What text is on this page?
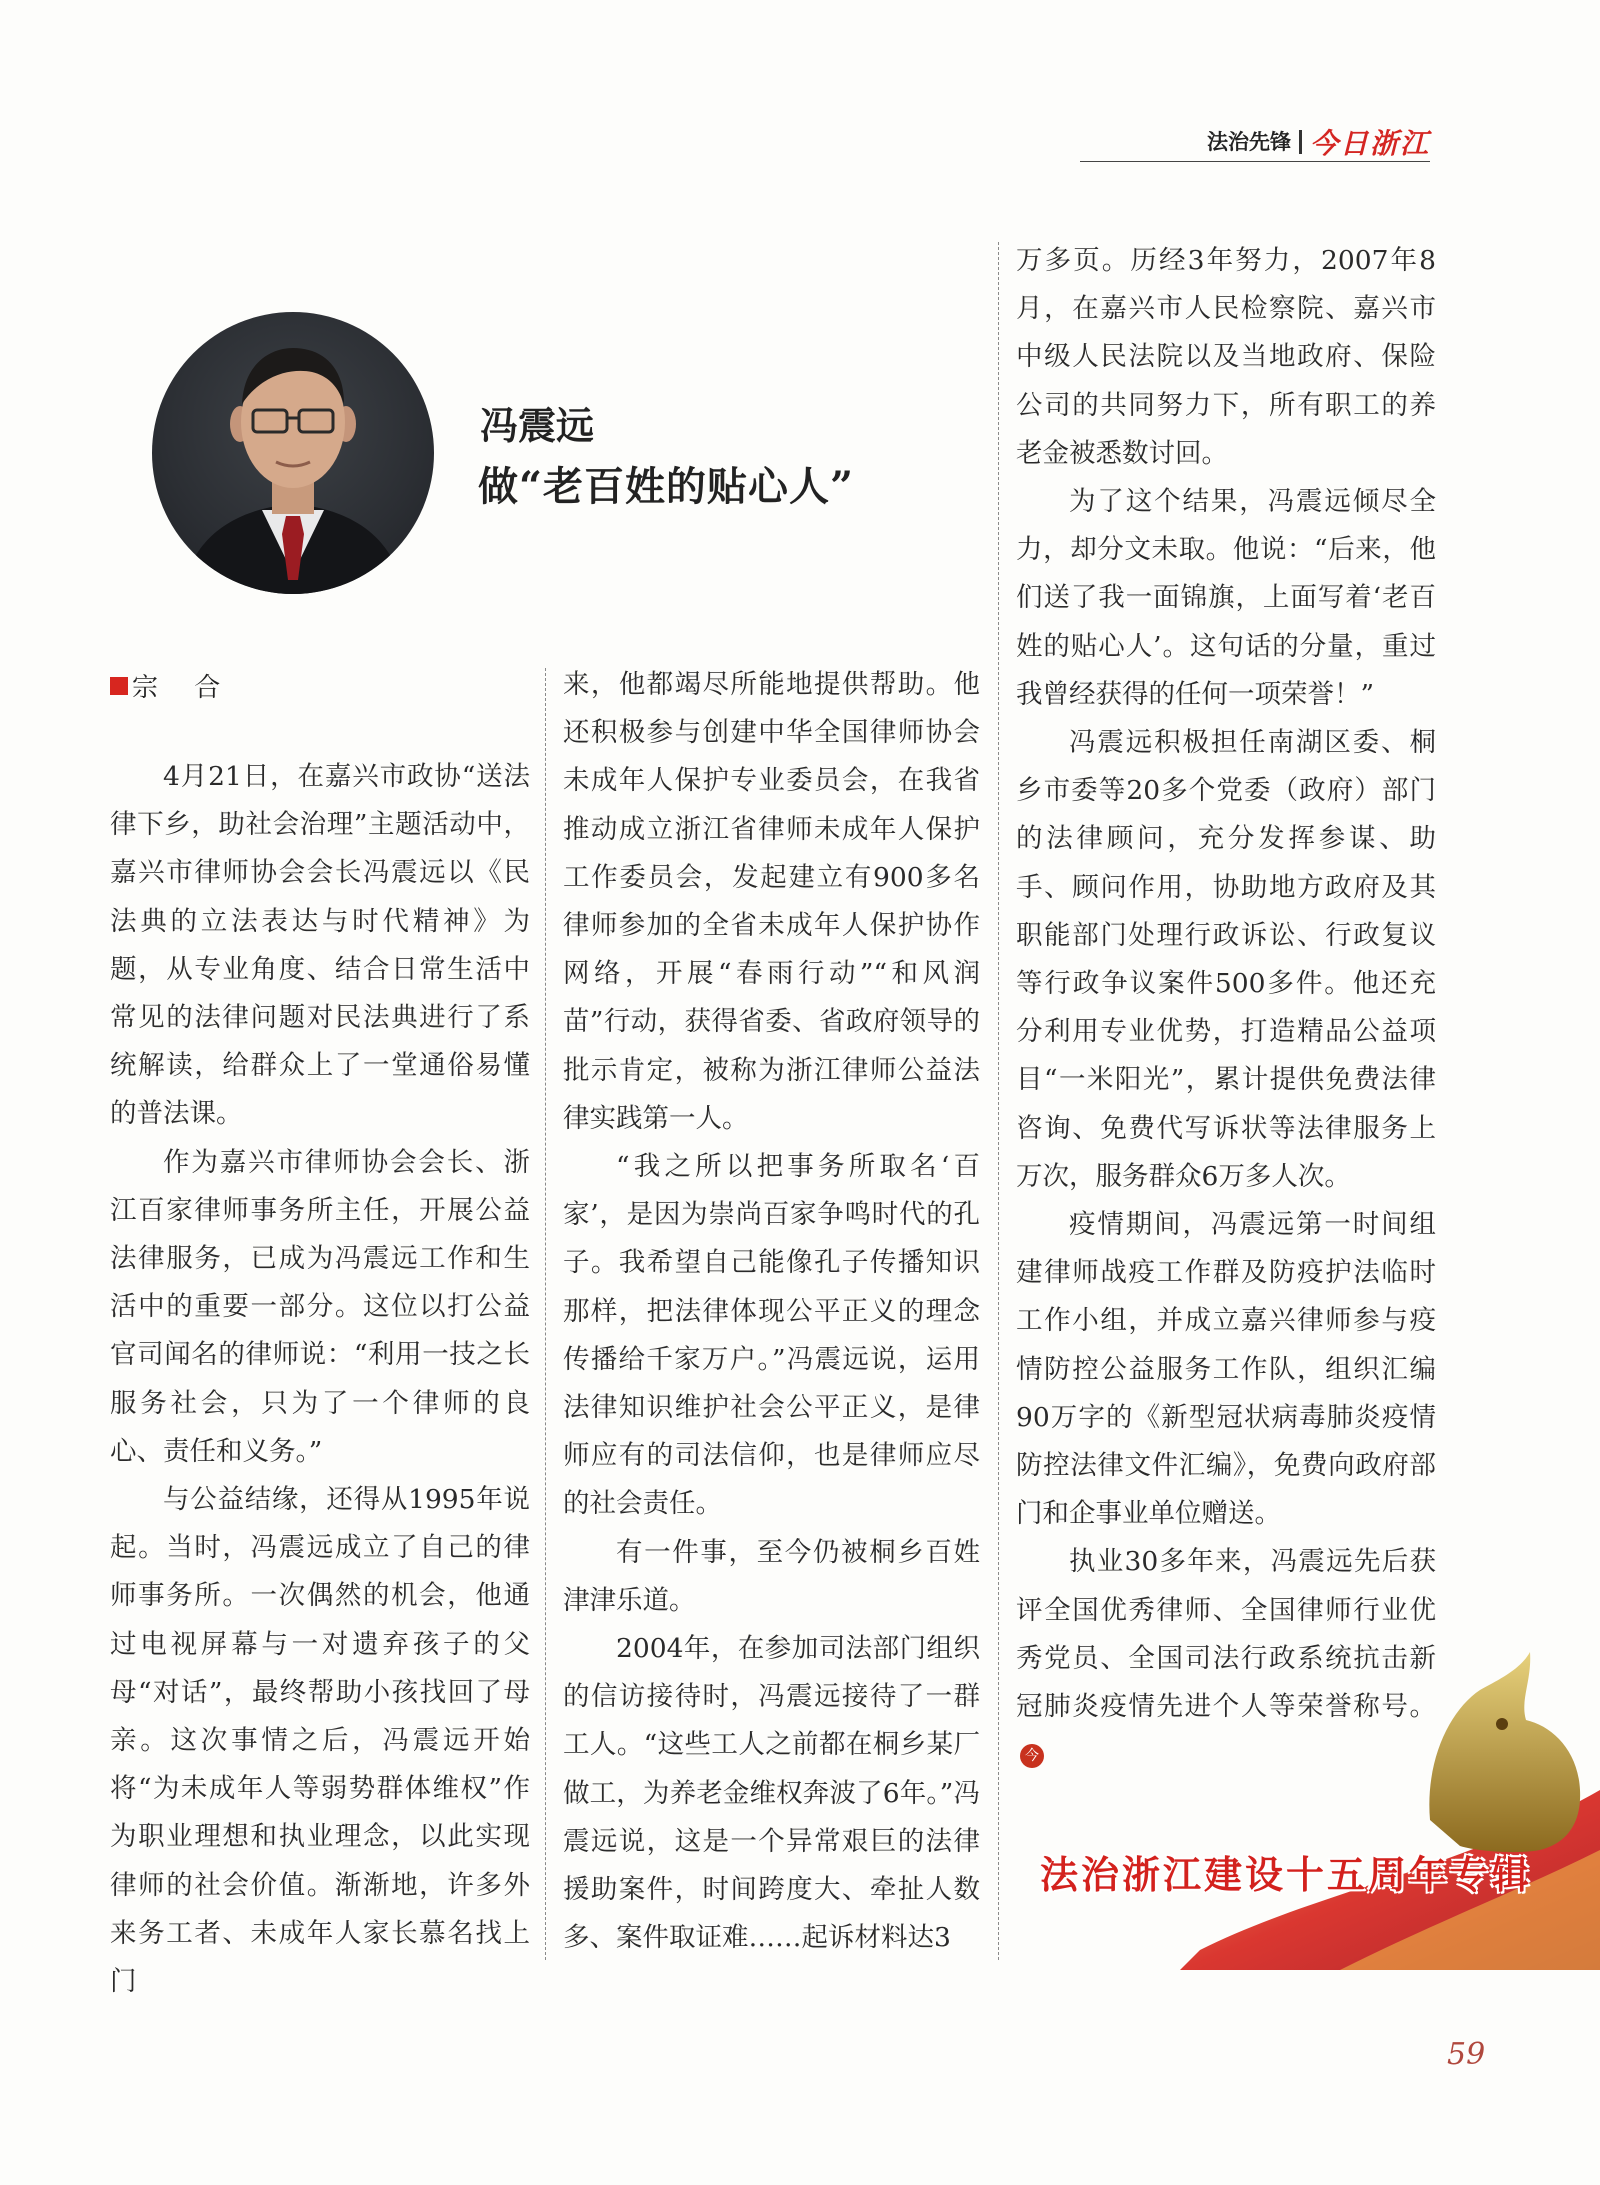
法治先锋 今日浙江
冯震远
做“老百姓的贴心人”
宗 合

4月21日，在嘉兴市政协“送法律下乡，助社会治理”主题活动中，嘉兴市律师协会会长冯震远以《民法典的立法表达与时代精神》为题，从专业角度、结合日常生活中常见的法律问题对民法典进行了系统解读，给群众上了一堂通俗易懂的普法课。

作为嘉兴市律师协会会长、浙江百家律师事务所主任，开展公益法律服务，已成为冯震远工作和生活中的重要一部分。这位以打公益官司闻名的律师说：“利用一技之长服务社会，只为了一个律师的良心、责任和义务。”

与公益结缘，还得从1995年说起。当时，冯震远成立了自己的律师事务所。一次偶然的机会，他通过电视屏幕与一对遗弃孩子的父母“对话”，最终帮助小孩找回了母亲。这次事情之后，冯震远开始将“为未成年人等弱势群体维权”作为职业理想和执业理念，以此实现律师的社会价值。渐渐地，许多外来务工者、未成年人家长慕名找上门

来，他都竭尽所能地提供帮助。他还积极参与创建中华全国律师协会未成年人保护专业委员会，在我省推动成立浙江省律师未成年人保护工作委员会，发起建立有900多名律师参加的全省未成年人保护协作网络，开展“春雨行动”“和风润苗”行动，获得省委、省政府领导的批示肯定，被称为浙江律师公益法律实践第一人。

“我之所以把事务所取名‘百家’，是因为崇尚百家争鸣时代的孔子。我希望自己能像孔子传播知识那样，把法律体现公平正义的理念传播给千家万户。”冯震远说，运用法律知识维护社会公平正义，是律师应有的司法信仰，也是律师应尽的社会责任。

有一件事，至今仍被桐乡百姓津津乐道。

2004年，在参加司法部门组织的信访接待时，冯震远接待了一群工人。“这些工人之前都在桐乡某厂做工，为养老金维权奔波了6年。”冯震远说，这是一个异常艰巨的法律援助案件，时间跨度大、牵扯人数多、案件取证难……起诉材料达3

万多页。历经3年努力，2007年8月，在嘉兴市人民检察院、嘉兴市中级人民法院以及当地政府、保险公司的共同努力下，所有职工的养老金被悉数讨回。

为了这个结果，冯震远倾尽全力，却分文未取。他说：“后来，他们送了我一面锦旗，上面写着‘老百姓的贴心人’。这句话的分量，重过我曾经获得的任何一项荣誉！”

冯震远积极担任南湖区委、桐乡市委等20多个党委（政府）部门的法律顾问，充分发挥参谋、助手、顾问作用，协助地方政府及其职能部门处理行政诉讼、行政复议等行政争议案件500多件。他还充分利用专业优势，打造精品公益项目“一米阳光”，累计提供免费法律咨询、免费代写诉状等法律服务上万次，服务群众6万多人次。

疫情期间，冯震远第一时间组建律师战疫工作群及防疫护法临时工作小组，并成立嘉兴律师参与疫情防控公益服务工作队，组织汇编90万字的《新型冠状病毒肺炎疫情防控法律文件汇编》，免费向政府部门和企事业单位赠送。

执业30多年来，冯震远先后获评全国优秀律师、全国律师行业优秀党员、全国司法行政系统抗击新冠肺炎疫情先进个人等荣誉称号。今

法治浙江建设十五周年专辑

59
